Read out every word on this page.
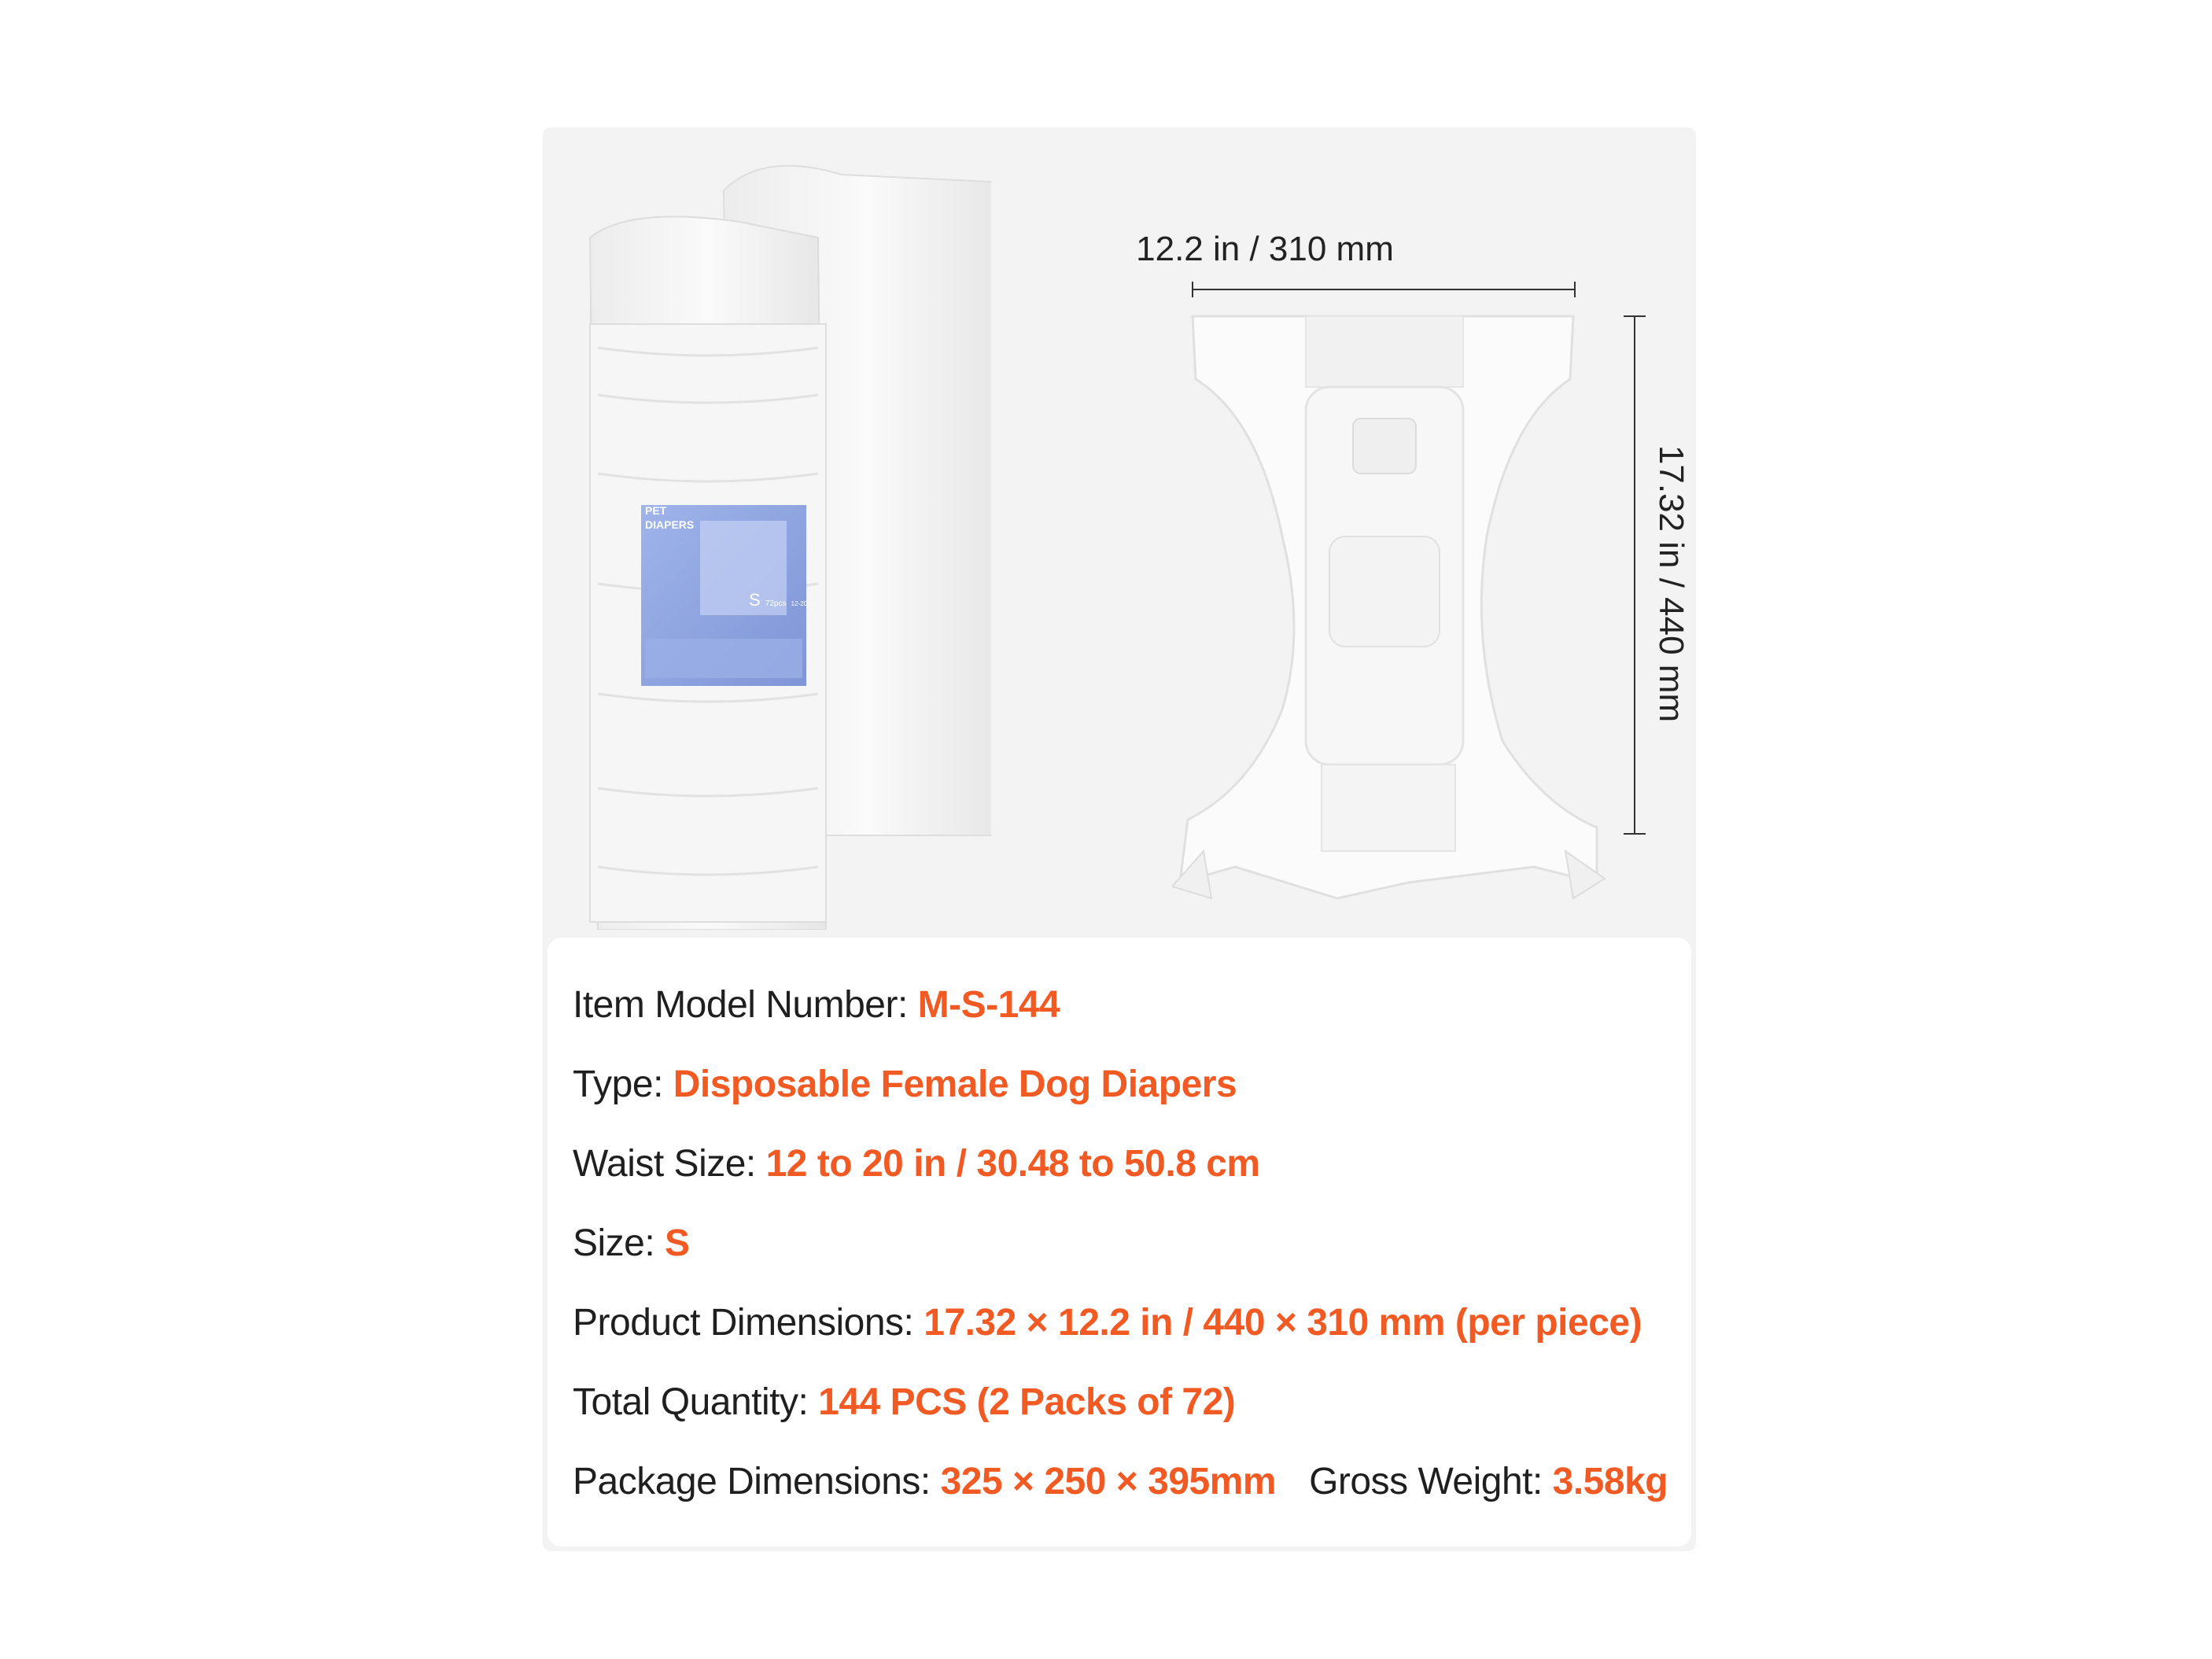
PET
DIAPERS
S 72pcs 12-20in
12.2 in / 310 mm
17.32 in / 440 mm
Item Model Number: M-S-144
Type: Disposable Female Dog Diapers
Waist Size: 12 to 20 in / 30.48 to 50.8 cm
Size: S
Product Dimensions: 17.32 × 12.2 in / 440 × 310 mm (per piece)
Total Quantity: 144 PCS (2 Packs of 72)
Package Dimensions: 325 × 250 × 395mm Gross Weight: 3.58kg
